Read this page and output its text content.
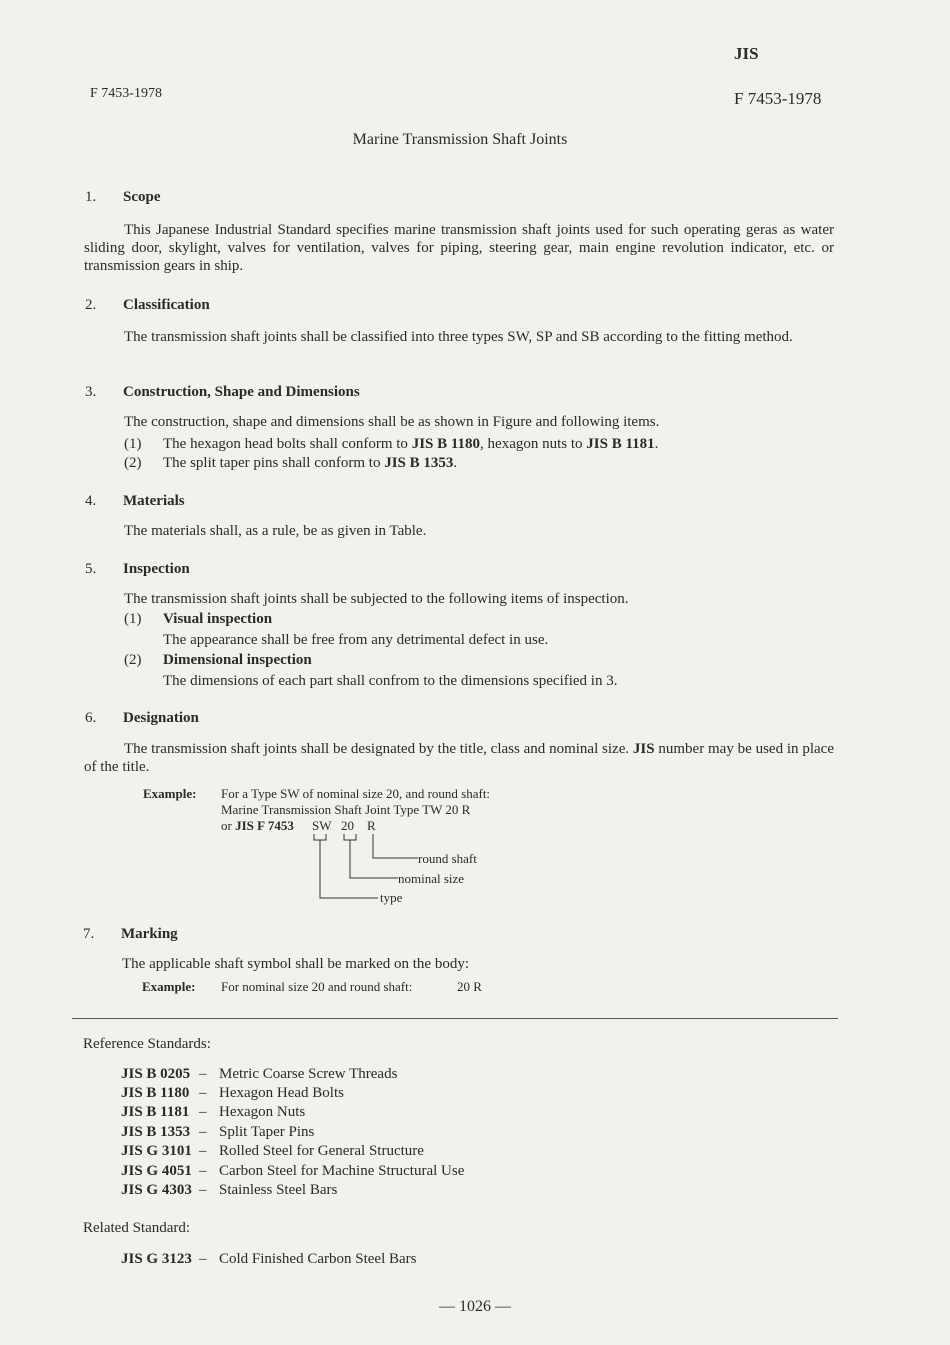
JIS
F 7453-1978	F 7453-1978
Marine Transmission Shaft Joints
1. Scope
This Japanese Industrial Standard specifies marine transmission shaft joints used for such operating geras as water sliding door, skylight, valves for ventilation, valves for piping, steering gear, main engine revolution indicator, etc. or transmission gears in ship.
2. Classification
The transmission shaft joints shall be classified into three types SW, SP and SB according to the fitting method.
3. Construction, Shape and Dimensions
The construction, shape and dimensions shall be as shown in Figure and following items.
(1) The hexagon head bolts shall conform to JIS B 1180, hexagon nuts to JIS B 1181.
(2) The split taper pins shall conform to JIS B 1353.
4. Materials
The materials shall, as a rule, be as given in Table.
5. Inspection
The transmission shaft joints shall be subjected to the following items of inspection.
(1) Visual inspection
The appearance shall be free from any detrimental defect in use.
(2) Dimensional inspection
The dimensions of each part shall confrom to the dimensions specified in 3.
6. Designation
The transmission shaft joints shall be designated by the title, class and nominal size. JIS number may be used in place of the title.
Example: For a Type SW of nominal size 20, and round shaft:
Marine Transmission Shaft Joint Type TW 20 R
or JIS F 7453 SW 20 R
round shaft
nominal size
type
7. Marking
The applicable shaft symbol shall be marked on the body:
Example: For nominal size 20 and round shaft:	20 R
Reference Standards:
JIS B 0205 – Metric Coarse Screw Threads
JIS B 1180 – Hexagon Head Bolts
JIS B 1181 – Hexagon Nuts
JIS B 1353 – Split Taper Pins
JIS G 3101 – Rolled Steel for General Structure
JIS G 4051 – Carbon Steel for Machine Structural Use
JIS G 4303 – Stainless Steel Bars
Related Standard:
JIS G 3123 – Cold Finished Carbon Steel Bars
— 1026 —
